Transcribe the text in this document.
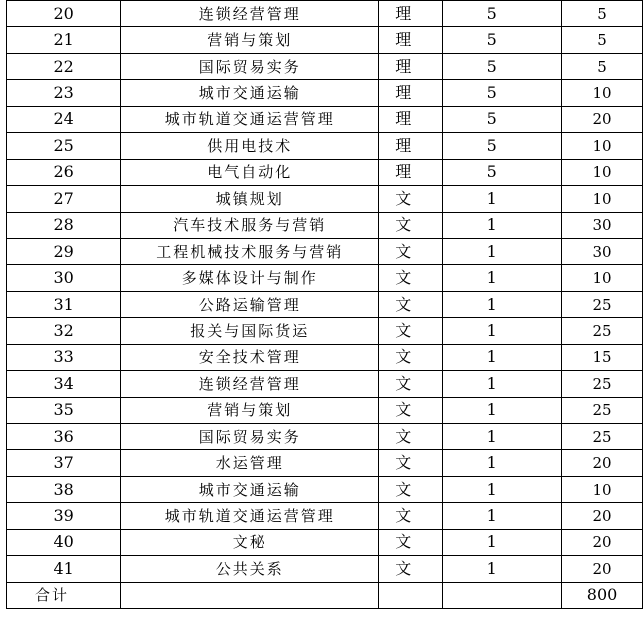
20	连锁经营管理	理	5	5
21	营销与策划	理	5	5
22	国际贸易实务	理	5	5
23	城市交通运输	理	5	10
24	城市轨道交通运营管理	理	5	20
25	供用电技术	理	5	10
26	电气自动化	理	5	10
27	城镇规划	文	1	10
28	汽车技术服务与营销	文	1	30
29	工程机械技术服务与营销	文	1	30
30	多媒体设计与制作	文	1	10
31	公路运输管理	文	1	25
32	报关与国际货运	文	1	25
33	安全技术管理	文	1	15
34	连锁经营管理	文	1	25
35	营销与策划	文	1	25
36	国际贸易实务	文	1	25
37	水运管理	文	1	20
38	城市交通运输	文	1	10
39	城市轨道交通运营管理	文	1	20
40	文秘	文	1	20
41	公共关系	文	1	20
合计				800
